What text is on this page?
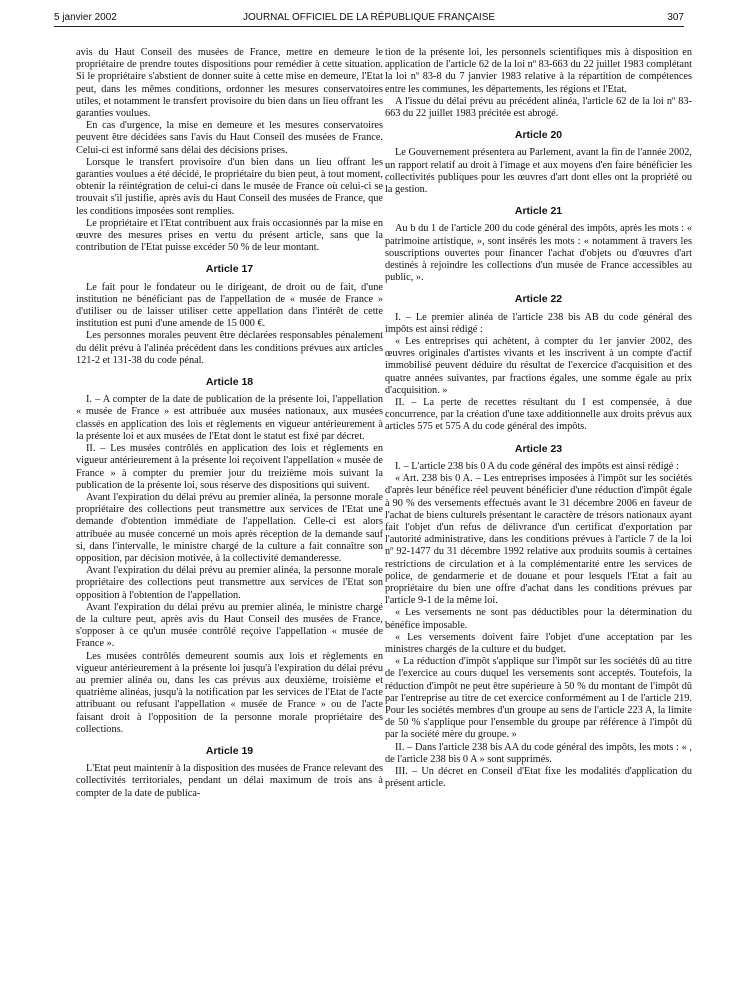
5 janvier 2002	JOURNAL OFFICIEL DE LA RÉPUBLIQUE FRANÇAISE	307

avis du Haut Conseil des musées de France, mettre en demeure le propriétaire de prendre toutes dispositions pour remédier à cette situation. Si le propriétaire s'abstient de donner suite à cette mise en demeure, l'Etat peut, dans les mêmes conditions, ordonner les mesures conservatoires utiles, et notamment le transfert provisoire du bien dans un lieu offrant les garanties voulues.

En cas d'urgence, la mise en demeure et les mesures conservatoires peuvent être décidées sans l'avis du Haut Conseil des musées de France. Celui-ci est informé sans délai des décisions prises.

Lorsque le transfert provisoire d'un bien dans un lieu offrant les garanties voulues a été décidé, le propriétaire du bien peut, à tout moment, obtenir la réintégration de celui-ci dans le musée de France où celui-ci se trouvait s'il justifie, après avis du Haut Conseil des musées de France, que les conditions imposées sont remplies.

Le propriétaire et l'Etat contribuent aux frais occasionnés par la mise en œuvre des mesures prises en vertu du présent article, sans que la contribution de l'Etat puisse excéder 50 % de leur montant.

Article 17

Le fait pour le fondateur ou le dirigeant, de droit ou de fait, d'une institution ne bénéficiant pas de l'appellation de « musée de France » d'utiliser ou de laisser utiliser cette appellation dans l'intérêt de cette institution est puni d'une amende de 15 000 €.

Les personnes morales peuvent être déclarées responsables pénalement du délit prévu à l'alinéa précédent dans les conditions prévues aux articles 121-2 et 131-38 du code pénal.

Article 18

I. – A compter de la date de publication de la présente loi, l'appellation « musée de France » est attribuée aux musées nationaux, aux musées classés en application des lois et règlements en vigueur antérieurement à la présente loi et aux musées de l'Etat dont le statut est fixé par décret.

II. – Les musées contrôlés en application des lois et règlements en vigueur antérieurement à la présente loi reçoivent l'appellation « musée de France » à compter du premier jour du treizième mois suivant la publication de la présente loi, sous réserve des dispositions qui suivent.

Avant l'expiration du délai prévu au premier alinéa, la personne morale propriétaire des collections peut transmettre aux services de l'Etat une demande d'obtention immédiate de l'appellation. Celle-ci est alors attribuée au musée concerné un mois après réception de la demande sauf si, dans l'intervalle, le ministre chargé de la culture a fait connaître son opposition, par décision motivée, à la collectivité demanderesse.

Avant l'expiration du délai prévu au premier alinéa, la personne morale propriétaire des collections peut transmettre aux services de l'Etat son opposition à l'obtention de l'appellation.

Avant l'expiration du délai prévu au premier alinéa, le ministre chargé de la culture peut, après avis du Haut Conseil des musées de France, s'opposer à ce qu'un musée contrôlé reçoive l'appellation « musée de France ».

Les musées contrôlés demeurent soumis aux lois et règlements en vigueur antérieurement à la présente loi jusqu'à l'expiration du délai prévu au premier alinéa ou, dans les cas prévus aux deuxième, troisième et quatrième alinéas, jusqu'à la notification par les services de l'Etat de l'acte attribuant ou refusant l'appellation « musée de France » ou de l'acte faisant droit à l'opposition de la personne morale propriétaire des collections.

Article 19

L'Etat peut maintenir à la disposition des musées de France relevant des collectivités territoriales, pendant un délai maximum de trois ans à compter de la date de publica-

tion de la présente loi, les personnels scientifiques mis à disposition en application de l'article 62 de la loi nº 83-663 du 22 juillet 1983 complétant la loi nº 83-8 du 7 janvier 1983 relative à la répartition de compétences entre les communes, les départements, les régions et l'Etat.

A l'issue du délai prévu au précédent alinéa, l'article 62 de la loi nº 83-663 du 22 juillet 1983 précitée est abrogé.

Article 20

Le Gouvernement présentera au Parlement, avant la fin de l'année 2002, un rapport relatif au droit à l'image et aux moyens d'en faire bénéficier les collectivités publiques pour les œuvres d'art dont elles ont la propriété ou la gestion.

Article 21

Au b du 1 de l'article 200 du code général des impôts, après les mots : « patrimoine artistique, », sont insérés les mots : « notamment à travers les souscriptions ouvertes pour financer l'achat d'objets ou d'œuvres d'art destinés à rejoindre les collections d'un musée de France accessibles au public, ».

Article 22

I. – Le premier alinéa de l'article 238 bis AB du code général des impôts est ainsi rédigé :

« Les entreprises qui achètent, à compter du 1er janvier 2002, des œuvres originales d'artistes vivants et les inscrivent à un compte d'actif immobilisé peuvent déduire du résultat de l'exercice d'acquisition et des quatre années suivantes, par fractions égales, une somme égale au prix d'acquisition. »

II. – La perte de recettes résultant du I est compensée, à due concurrence, par la création d'une taxe additionnelle aux droits prévus aux articles 575 et 575 A du code général des impôts.

Article 23

I. – L'article 238 bis 0 A du code général des impôts est ainsi rédigé :

« Art. 238 bis 0 A. – Les entreprises imposées à l'impôt sur les sociétés d'après leur bénéfice réel peuvent bénéficier d'une réduction d'impôt égale à 90 % des versements effectués avant le 31 décembre 2006 en faveur de l'achat de biens culturels présentant le caractère de trésors nationaux ayant fait l'objet d'un refus de délivrance d'un certificat d'exportation par l'autorité administrative, dans les conditions prévues à l'article 7 de la loi nº 92-1477 du 31 décembre 1992 relative aux produits soumis à certaines restrictions de circulation et à la complémentarité entre les services de police, de gendarmerie et de douane et pour lesquels l'Etat a fait au propriétaire du bien une offre d'achat dans les conditions prévues par l'article 9-1 de la même loi.

« Les versements ne sont pas déductibles pour la détermination du bénéfice imposable.

« Les versements doivent faire l'objet d'une acceptation par les ministres chargés de la culture et du budget.

« La réduction d'impôt s'applique sur l'impôt sur les sociétés dû au titre de l'exercice au cours duquel les versements sont acceptés. Toutefois, la réduction d'impôt ne peut être supérieure à 50 % du montant de l'impôt dû par l'entreprise au titre de cet exercice conformément au I de l'article 219. Pour les sociétés membres d'un groupe au sens de l'article 223 A, la limite de 50 % s'applique pour l'ensemble du groupe par référence à l'impôt dû par la société mère du groupe. »

II. – Dans l'article 238 bis AA du code général des impôts, les mots : « , de l'article 238 bis 0 A » sont supprimés.

III. – Un décret en Conseil d'Etat fixe les modalités d'application du présent article.
